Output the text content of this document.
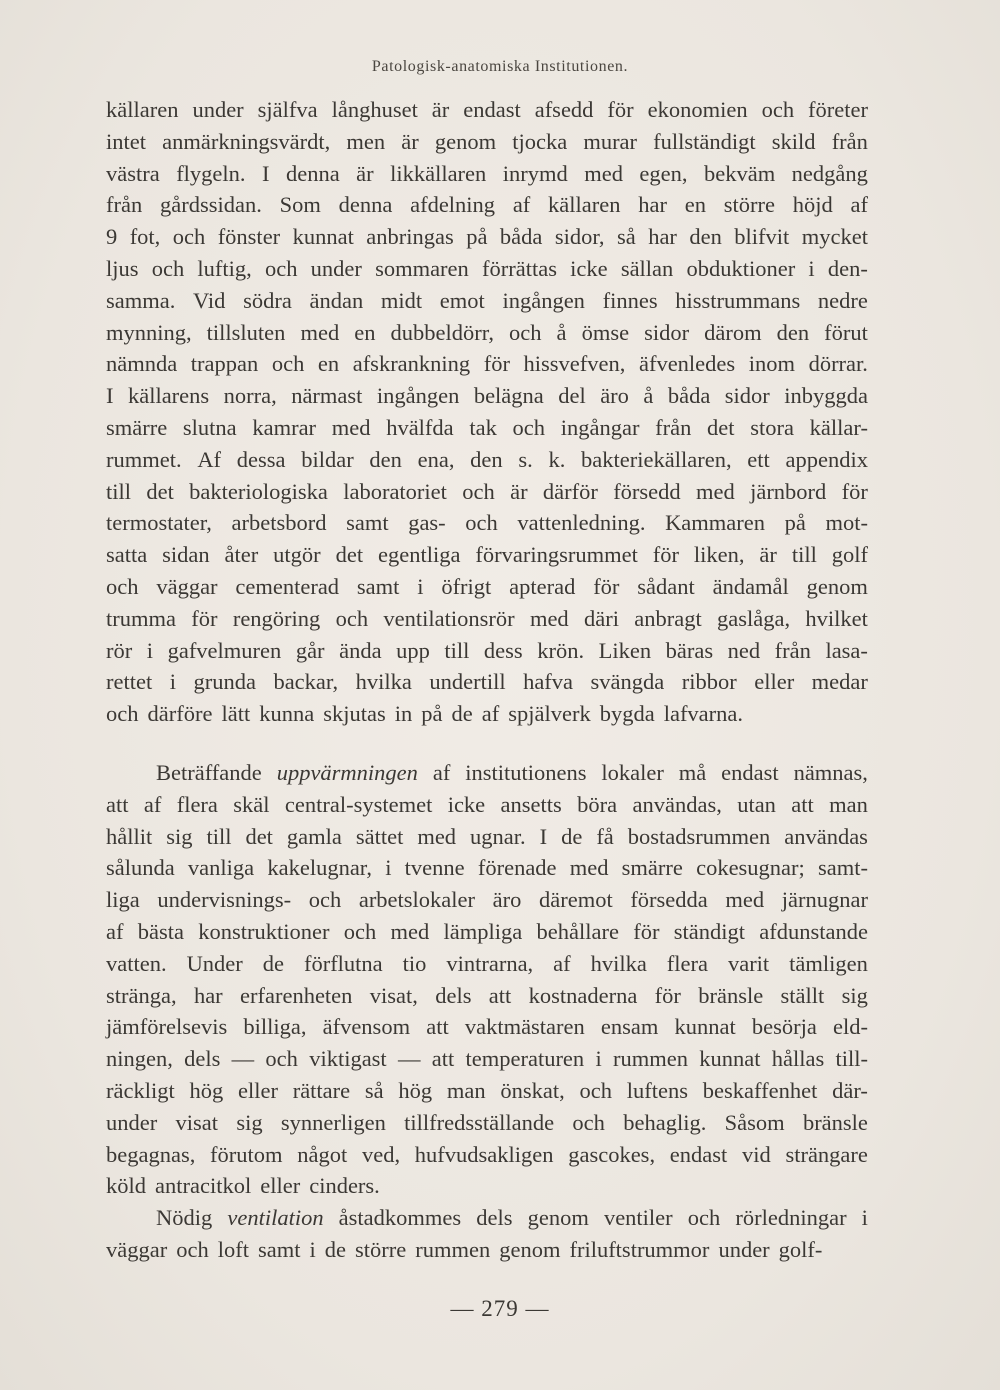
Patologisk-anatomiska Institutionen.
källaren under själfva långhuset är endast afsedd för ekonomien och företer
intet anmärkningsvärdt, men är genom tjocka murar fullständigt skild från
västra flygeln. I denna är likkällaren inrymd med egen, bekväm nedgång
från gårdssidan. Som denna afdelning af källaren har en större höjd af
9 fot, och fönster kunnat anbringas på båda sidor, så har den blifvit mycket
ljus och luftig, och under sommaren förrättas icke sällan obduktioner i den-
samma. Vid södra ändan midt emot ingången finnes hisstrummans nedre
mynning, tillsluten med en dubbeldörr, och å ömse sidor därom den förut
nämnda trappan och en afskrankning för hissvefven, äfvenledes inom dörrar.
I källarens norra, närmast ingången belägna del äro å båda sidor inbyggda
smärre slutna kamrar med hvälfda tak och ingångar från det stora källar-
rummet. Af dessa bildar den ena, den s. k. bakteriekällaren, ett appendix
till det bakteriologiska laboratoriet och är därför försedd med järnbord för
termostater, arbetsbord samt gas- och vattenledning. Kammaren på mot-
satta sidan åter utgör det egentliga förvaringsrummet för liken, är till golf
och väggar cementerad samt i öfrigt apterad för sådant ändamål genom
trumma för rengöring och ventilationsrör med däri anbragt gaslåga, hvilket
rör i gafvelmuren går ända upp till dess krön. Liken bäras ned från lasa-
rettet i grunda backar, hvilka undertill hafva svängda ribbor eller medar
och därföre lätt kunna skjutas in på de af spjälverk bygda lafvarna.
Beträffande uppvärmningen af institutionens lokaler må endast nämnas,
att af flera skäl central-systemet icke ansetts böra användas, utan att man
hållit sig till det gamla sättet med ugnar. I de få bostadsrummen användas
sålunda vanliga kakelugnar, i tvenne förenade med smärre cokesugnar; samt-
liga undervisnings- och arbetslokaler äro däremot försedda med järnugnar
af bästa konstruktioner och med lämpliga behållare för ständigt afdunstande
vatten. Under de förflutna tio vintrarna, af hvilka flera varit tämligen
stränga, har erfarenheten visat, dels att kostnaderna för bränsle ställt sig
jämförelsevis billiga, äfvensom att vaktmästaren ensam kunnat besörja eld-
ningen, dels — och viktigast — att temperaturen i rummen kunnat hållas till-
räckligt hög eller rättare så hög man önskat, och luftens beskaffenhet där-
under visat sig synnerligen tillfredsställande och behaglig. Såsom bränsle
begagnas, förutom något ved, hufvudsakligen gascokes, endast vid strängare
köld antracitkol eller cinders.
Nödig ventilation åstadkommes dels genom ventiler och rörledningar i
väggar och loft samt i de större rummen genom friluftstrummor under golf-
— 279 —
